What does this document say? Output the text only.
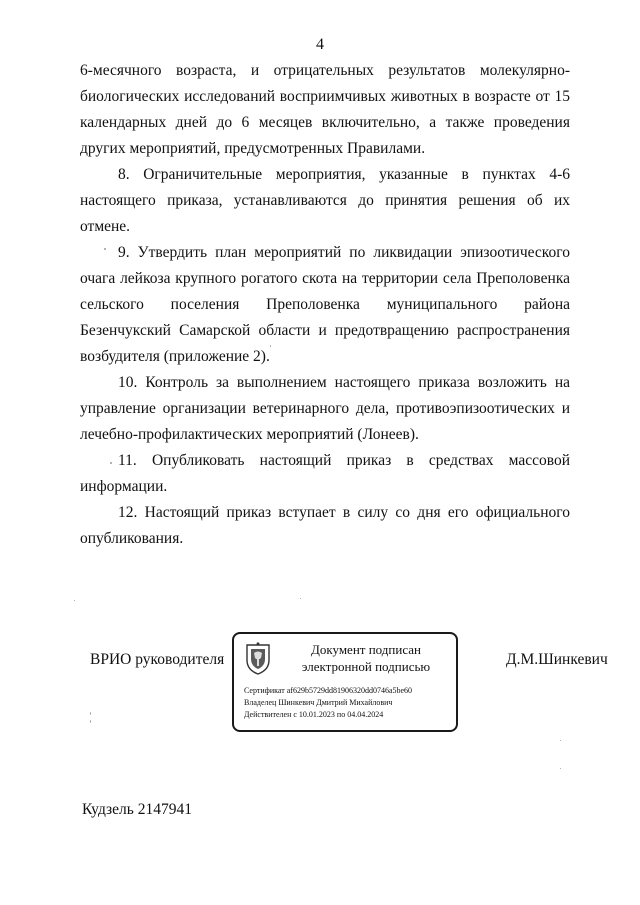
4

6-месячного возраста, и отрицательных результатов молекулярно-биологических исследований восприимчивых животных в возрасте от 15 календарных дней до 6 месяцев включительно, а также проведения других мероприятий, предусмотренных Правилами.

8. Ограничительные мероприятия, указанные в пунктах 4-6 настоящего приказа, устанавливаются до принятия решения об их отмене.

9. Утвердить план мероприятий по ликвидации эпизоотического очага лейкоза крупного рогатого скота на территории села Преполовенка сельского поселения Преполовенка муниципального района Безенчукский Самарской области и предотвращению распространения возбудителя (приложение 2).

10. Контроль за выполнением настоящего приказа возложить на управление организации ветеринарного дела, противоэпизоотических и лечебно-профилактических мероприятий (Лонеев).

11. Опубликовать настоящий приказ в средствах массовой информации.

12. Настоящий приказ вступает в силу со дня его официального опубликования.

ВРИО руководителя
Документ подписан
электронной подписью
Сертификат af629b5729dd81906320dd0746a5be60
Владелец Шинкевич Дмитрий Михайлович
Действителен с 10.01.2023 по 04.04.2024
Д.М.Шинкевич
Кудзель 2147941
